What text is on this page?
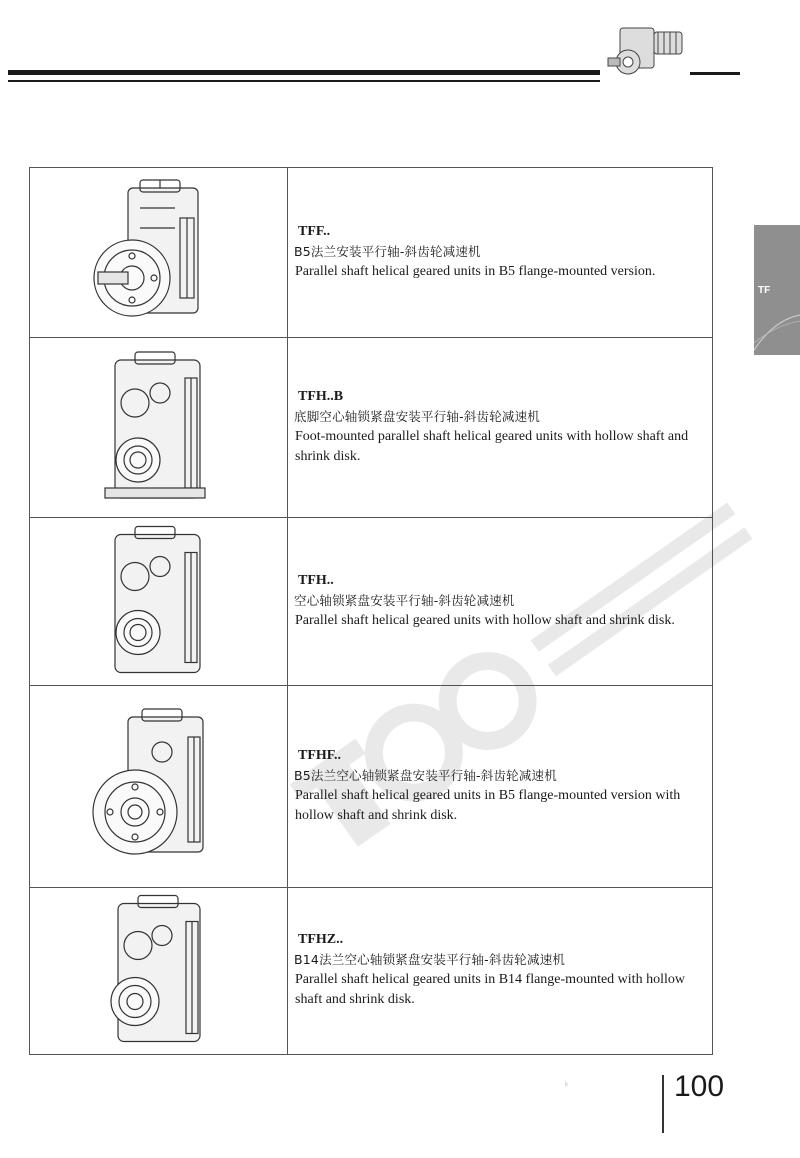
TF
TFF..
B5法兰安装平行轴-斜齿轮减速机
Parallel shaft helical geared units in B5 flange-mounted version.
TFH..B
底脚空心轴锁紧盘安装平行轴-斜齿轮减速机
Foot-mounted parallel shaft helical geared units with hollow shaft and shrink disk.
TFH..
空心轴锁紧盘安装平行轴-斜齿轮减速机
Parallel shaft helical geared units with hollow shaft and shrink disk.
TFHF..
B5法兰空心轴锁紧盘安装平行轴-斜齿轮减速机
Parallel shaft helical geared units in B5 flange-mounted version with hollow shaft and shrink disk.
TFHZ..
B14法兰空心轴锁紧盘安装平行轴-斜齿轮减速机
Parallel shaft helical geared units in B14 flange-mounted with hollow shaft and shrink disk.
k	100
